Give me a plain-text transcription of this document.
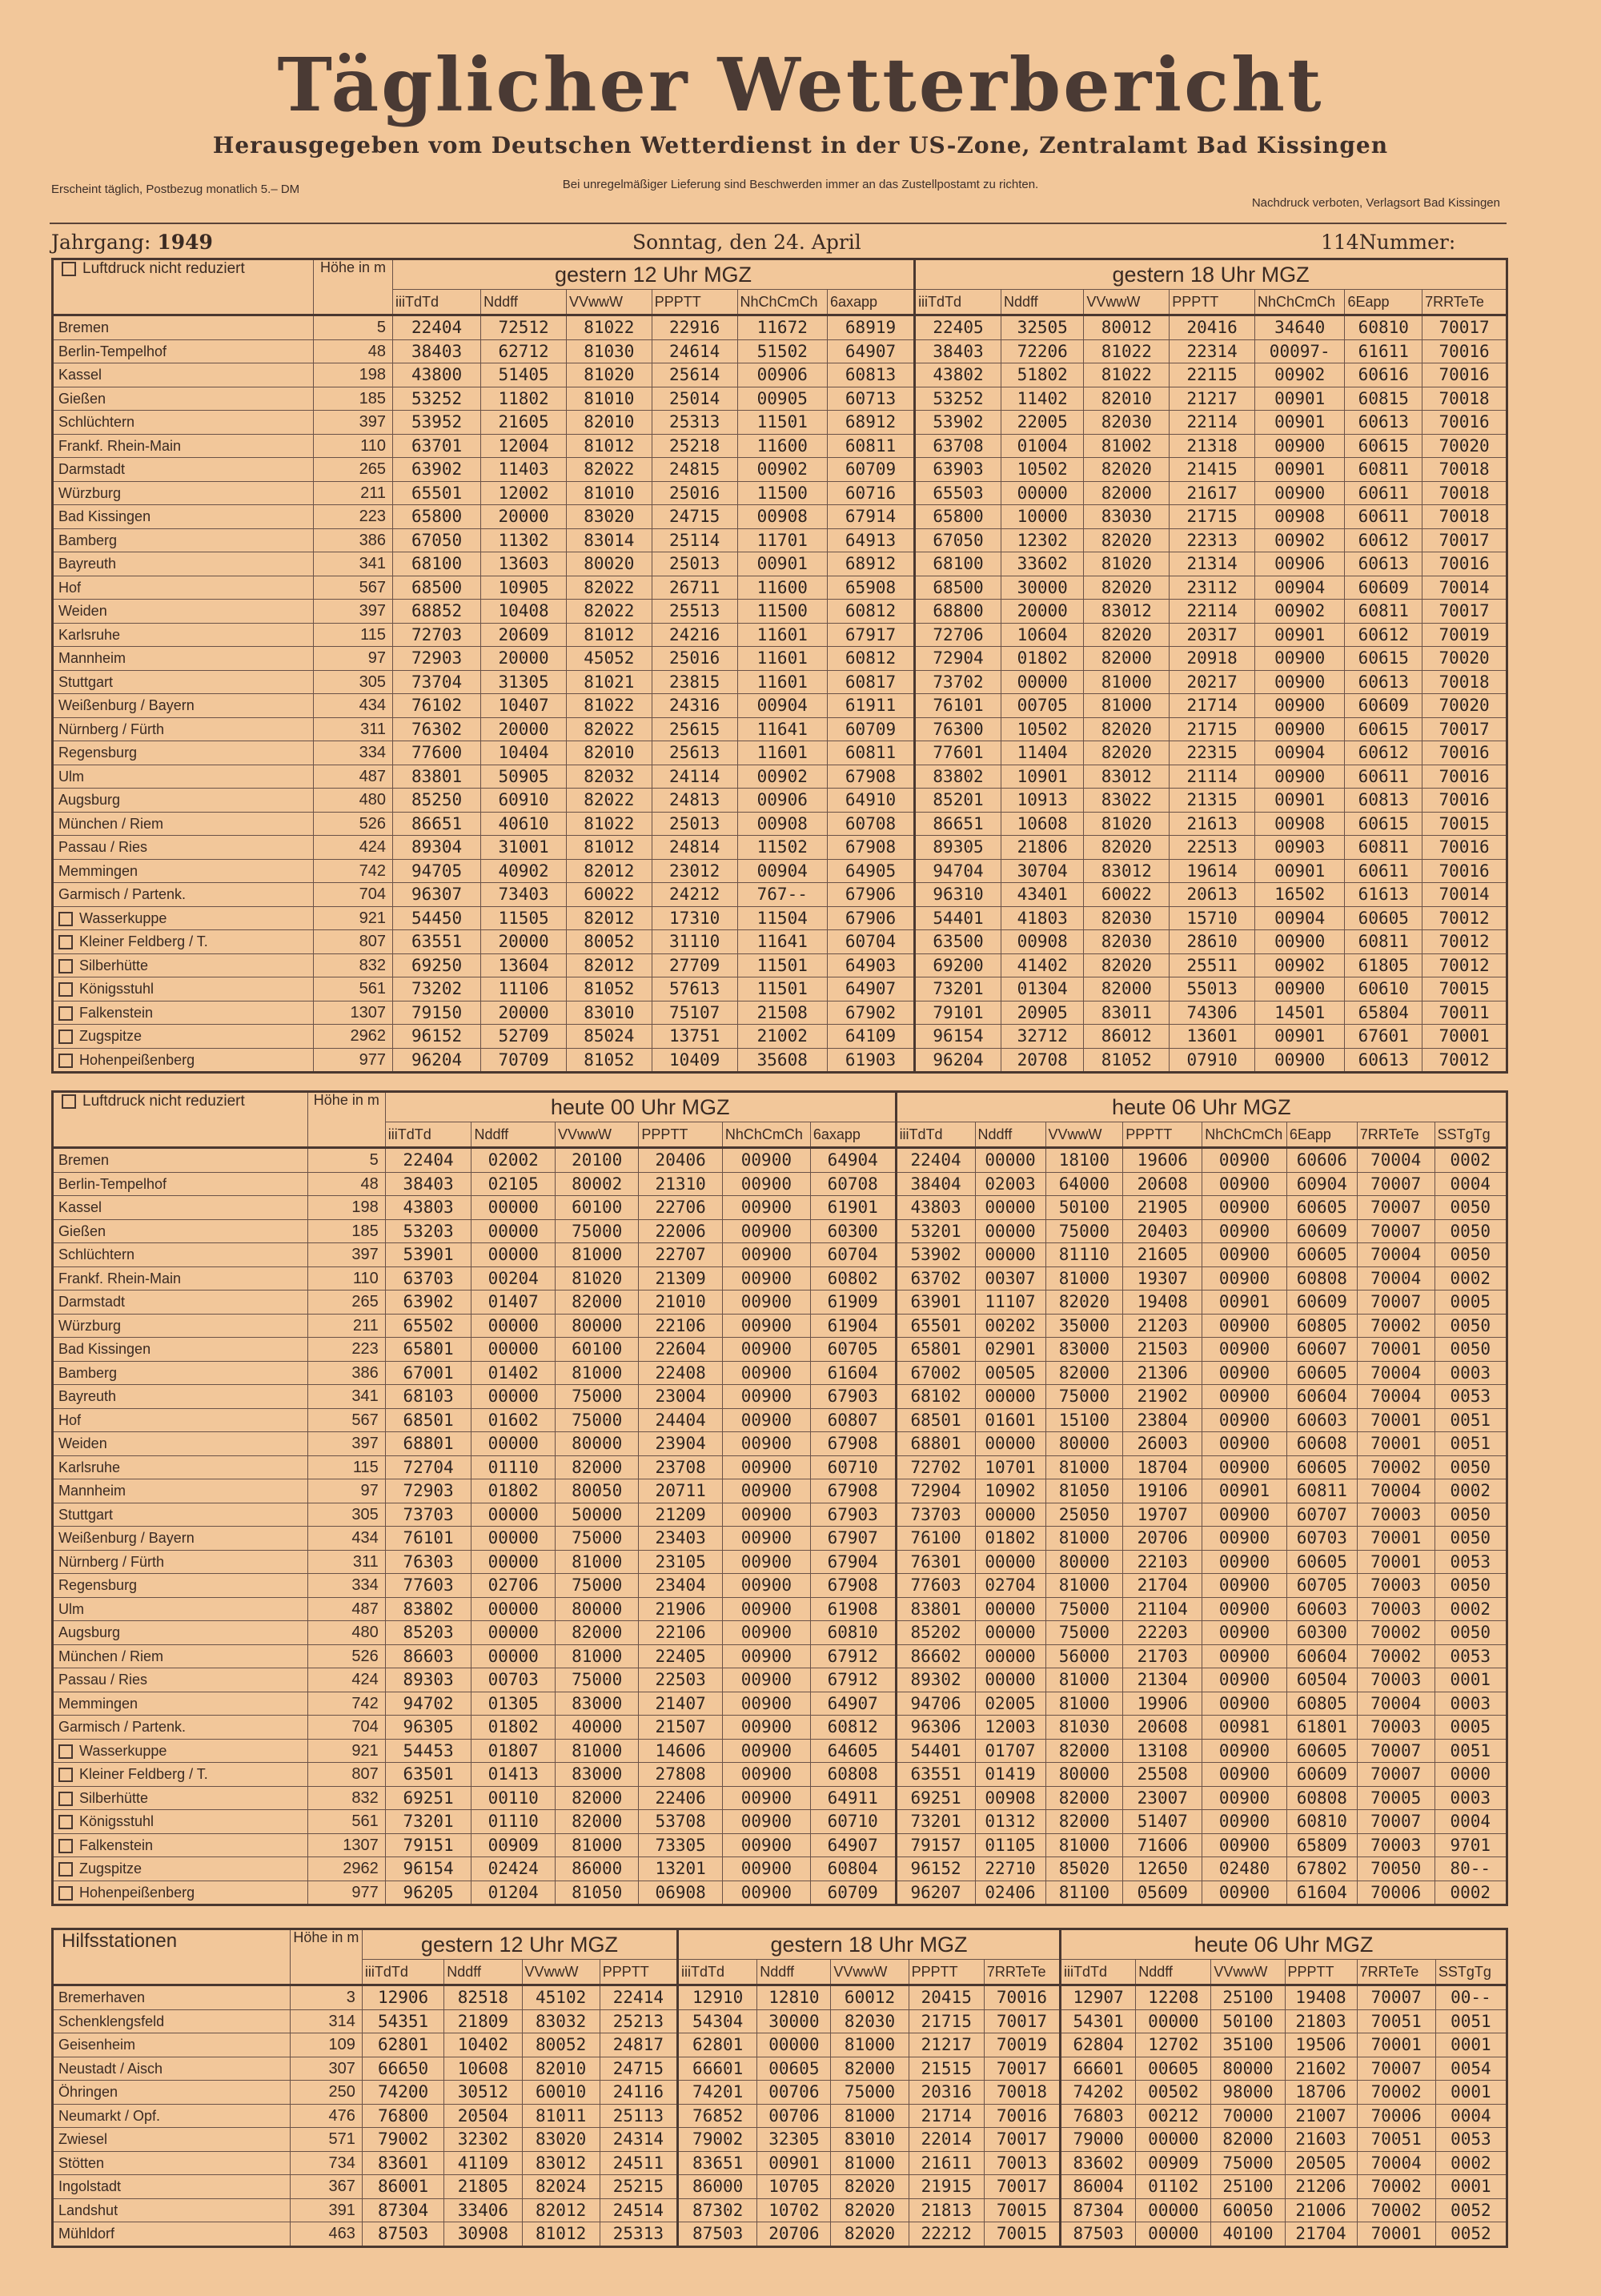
Täglicher Wetterbericht
Herausgegeben vom Deutschen Wetterdienst in der US-Zone, Zentralamt Bad Kissingen
Erscheint täglich, Postbezug monatlich 5.– DM	Bei unregelmäßiger Lieferung sind Beschwerden immer an das Zustellpostamt zu richten.
Nachdruck verboten, Verlagsort Bad Kissingen
Jahrgang: 1949	Sonntag, den 24. April	114Nummer:
Luftdruck nicht reduziert	Höhe in m	gestern 12 Uhr MGZ						gestern 18 Uhr MGZ						
		iiiTdTd	Nddff	VVwwW	PPPTT	NhChCmCh	6axapp	iiiTdTd	Nddff	VVwwW	PPPTT	NhChCmCh	6Eapp	7RRTeTe
Bremen	5	22404	72512	81022	22916	11672	68919	22405	32505	80012	20416	34640	60810	70017
Berlin-Tempelhof	48	38403	62712	81030	24614	51502	64907	38403	72206	81022	22314	00097-	61611	70016
Kassel	198	43800	51405	81020	25614	00906	60813	43802	51802	81022	22115	00902	60616	70016
Gießen	185	53252	11802	81010	25014	00905	60713	53252	11402	82010	21217	00901	60815	70018
Schlüchtern	397	53952	21605	82010	25313	11501	68912	53902	22005	82030	22114	00901	60613	70016
Frankf. Rhein-Main	110	63701	12004	81012	25218	11600	60811	63708	01004	81002	21318	00900	60615	70020
Darmstadt	265	63902	11403	82022	24815	00902	60709	63903	10502	82020	21415	00901	60811	70018
Würzburg	211	65501	12002	81010	25016	11500	60716	65503	00000	82000	21617	00900	60611	70018
Bad Kissingen	223	65800	20000	83020	24715	00908	67914	65800	10000	83030	21715	00908	60611	70018
Bamberg	386	67050	11302	83014	25114	11701	64913	67050	12302	82020	22313	00902	60612	70017
Bayreuth	341	68100	13603	80020	25013	00901	68912	68100	33602	81020	21314	00906	60613	70016
Hof	567	68500	10905	82022	26711	11600	65908	68500	30000	82020	23112	00904	60609	70014
Weiden	397	68852	10408	82022	25513	11500	60812	68800	20000	83012	22114	00902	60811	70017
Karlsruhe	115	72703	20609	81012	24216	11601	67917	72706	10604	82020	20317	00901	60612	70019
Mannheim	97	72903	20000	45052	25016	11601	60812	72904	01802	82000	20918	00900	60615	70020
Stuttgart	305	73704	31305	81021	23815	11601	60817	73702	00000	81000	20217	00900	60613	70018
Weißenburg / Bayern	434	76102	10407	81022	24316	00904	61911	76101	00705	81000	21714	00900	60609	70020
Nürnberg / Fürth	311	76302	20000	82022	25615	11641	60709	76300	10502	82020	21715	00900	60615	70017
Regensburg	334	77600	10404	82010	25613	11601	60811	77601	11404	82020	22315	00904	60612	70016
Ulm	487	83801	50905	82032	24114	00902	67908	83802	10901	83012	21114	00900	60611	70016
Augsburg	480	85250	60910	82022	24813	00906	64910	85201	10913	83022	21315	00901	60813	70016
München / Riem	526	86651	40610	81022	25013	00908	60708	86651	10608	81020	21613	00908	60615	70015
Passau / Ries	424	89304	31001	81012	24814	11502	67908	89305	21806	82020	22513	00903	60811	70016
Memmingen	742	94705	40902	82012	23012	00904	64905	94704	30704	83012	19614	00901	60611	70016
Garmisch / Partenk.	704	96307	73403	60022	24212	767--	67906	96310	43401	60022	20613	16502	61613	70014
Wasserkuppe	921	54450	11505	82012	17310	11504	67906	54401	41803	82030	15710	00904	60605	70012
Kleiner Feldberg / T.	807	63551	20000	80052	31110	11641	60704	63500	00908	82030	28610	00900	60811	70012
Silberhütte	832	69250	13604	82012	27709	11501	64903	69200	41402	82020	25511	00902	61805	70012
Königsstuhl	561	73202	11106	81052	57613	11501	64907	73201	01304	82000	55013	00900	60610	70015
Falkenstein	1307	79150	20000	83010	75107	21508	67902	79101	20905	83011	74306	14501	65804	70011
Zugspitze	2962	96152	52709	85024	13751	21002	64109	96154	32712	86012	13601	00901	67601	70001
Hohenpeißenberg	977	96204	70709	81052	10409	35608	61903	96204	20708	81052	07910	00900	60613	70012
Luftdruck nicht reduziert	Höhe in m	heute 00 Uhr MGZ						heute 06 Uhr MGZ							
		iiiTdTd	Nddff	VVwwW	PPPTT	NhChCmCh	6axapp	iiiTdTd	Nddff	VVwwW	PPPTT	NhChCmCh	6Eapp	7RRTeTe	SSTgTg
Bremen	5	22404	02002	20100	20406	00900	64904	22404	00000	18100	19606	00900	60606	70004	0002
Berlin-Tempelhof	48	38403	02105	80002	21310	00900	60708	38404	02003	64000	20608	00900	60904	70007	0004
Kassel	198	43803	00000	60100	22706	00900	61901	43803	00000	50100	21905	00900	60605	70007	0050
Gießen	185	53203	00000	75000	22006	00900	60300	53201	00000	75000	20403	00900	60609	70007	0050
Schlüchtern	397	53901	00000	81000	22707	00900	60704	53902	00000	81110	21605	00900	60605	70004	0050
Frankf. Rhein-Main	110	63703	00204	81020	21309	00900	60802	63702	00307	81000	19307	00900	60808	70004	0002
Darmstadt	265	63902	01407	82000	21010	00900	61909	63901	11107	82020	19408	00901	60609	70007	0005
Würzburg	211	65502	00000	80000	22106	00900	61904	65501	00202	35000	21203	00900	60805	70002	0050
Bad Kissingen	223	65801	00000	60100	22604	00900	60705	65801	02901	83000	21503	00900	60607	70001	0050
Bamberg	386	67001	01402	81000	22408	00900	61604	67002	00505	82000	21306	00900	60605	70004	0003
Bayreuth	341	68103	00000	75000	23004	00900	67903	68102	00000	75000	21902	00900	60604	70004	0053
Hof	567	68501	01602	75000	24404	00900	60807	68501	01601	15100	23804	00900	60603	70001	0051
Weiden	397	68801	00000	80000	23904	00900	67908	68801	00000	80000	26003	00900	60608	70001	0051
Karlsruhe	115	72704	01110	82000	23708	00900	60710	72702	10701	81000	18704	00900	60605	70002	0050
Mannheim	97	72903	01802	80050	20711	00900	67908	72904	10902	81050	19106	00901	60811	70004	0002
Stuttgart	305	73703	00000	50000	21209	00900	67903	73703	00000	25050	19707	00900	60707	70003	0050
Weißenburg / Bayern	434	76101	00000	75000	23403	00900	67907	76100	01802	81000	20706	00900	60703	70001	0050
Nürnberg / Fürth	311	76303	00000	81000	23105	00900	67904	76301	00000	80000	22103	00900	60605	70001	0053
Regensburg	334	77603	02706	75000	23404	00900	67908	77603	02704	81000	21704	00900	60705	70003	0050
Ulm	487	83802	00000	80000	21906	00900	61908	83801	00000	75000	21104	00900	60603	70003	0002
Augsburg	480	85203	00000	82000	22106	00900	60810	85202	00000	75000	22203	00900	60300	70002	0050
München / Riem	526	86603	00000	81000	22405	00900	67912	86602	00000	56000	21703	00900	60604	70002	0053
Passau / Ries	424	89303	00703	75000	22503	00900	67912	89302	00000	81000	21304	00900	60504	70003	0001
Memmingen	742	94702	01305	83000	21407	00900	64907	94706	02005	81000	19906	00900	60805	70004	0003
Garmisch / Partenk.	704	96305	01802	40000	21507	00900	60812	96306	12003	81030	20608	00981	61801	70003	0005
Wasserkuppe	921	54453	01807	81000	14606	00900	64605	54401	01707	82000	13108	00900	60605	70007	0051
Kleiner Feldberg / T.	807	63501	01413	83000	27808	00900	60808	63551	01419	80000	25508	00900	60609	70007	0000
Silberhütte	832	69251	00110	82000	22406	00900	64911	69251	00908	82000	23007	00900	60808	70005	0003
Königsstuhl	561	73201	01110	82000	53708	00900	60710	73201	01312	82000	51407	00900	60810	70007	0004
Falkenstein	1307	79151	00909	81000	73305	00900	64907	79157	01105	81000	71606	00900	65809	70003	9701
Zugspitze	2962	96154	02424	86000	13201	00900	60804	96152	22710	85020	12650	02480	67802	70050	80--
Hohenpeißenberg	977	96205	01204	81050	06908	00900	60709	96207	02406	81100	05609	00900	61604	70006	0002
Hilfsstationen	Höhe in m	gestern 12 Uhr MGZ				gestern 18 Uhr MGZ					heute 06 Uhr MGZ					
		iiiTdTd	Nddff	VVwwW	PPPTT	iiiTdTd	Nddff	VVwwW	PPPTT	7RRTeTe	iiiTdTd	Nddff	VVwwW	PPPTT	7RRTeTe	SSTgTg
Bremerhaven	3	12906	82518	45102	22414	12910	12810	60012	20415	70016	12907	12208	25100	19408	70007	00--
Schenklengsfeld	314	54351	21809	83032	25213	54304	30000	82030	21715	70017	54301	00000	50100	21803	70051	0051
Geisenheim	109	62801	10402	80052	24817	62801	00000	81000	21217	70019	62804	12702	35100	19506	70001	0001
Neustadt / Aisch	307	66650	10608	82010	24715	66601	00605	82000	21515	70017	66601	00605	80000	21602	70007	0054
Öhringen	250	74200	30512	60010	24116	74201	00706	75000	20316	70018	74202	00502	98000	18706	70002	0001
Neumarkt / Opf.	476	76800	20504	81011	25113	76852	00706	81000	21714	70016	76803	00212	70000	21007	70006	0004
Zwiesel	571	79002	32302	83020	24314	79002	32305	83010	22014	70017	79000	00000	82000	21603	70051	0053
Stötten	734	83601	41109	83012	24511	83651	00901	81000	21611	70013	83602	00909	75000	20505	70004	0002
Ingolstadt	367	86001	21805	82024	25215	86000	10705	82020	21915	70017	86004	01102	25100	21206	70002	0001
Landshut	391	87304	33406	82012	24514	87302	10702	82020	21813	70015	87304	00000	60050	21006	70002	0052
Mühldorf	463	87503	30908	81012	25313	87503	20706	82020	22212	70015	87503	00000	40100	21704	70001	0052
